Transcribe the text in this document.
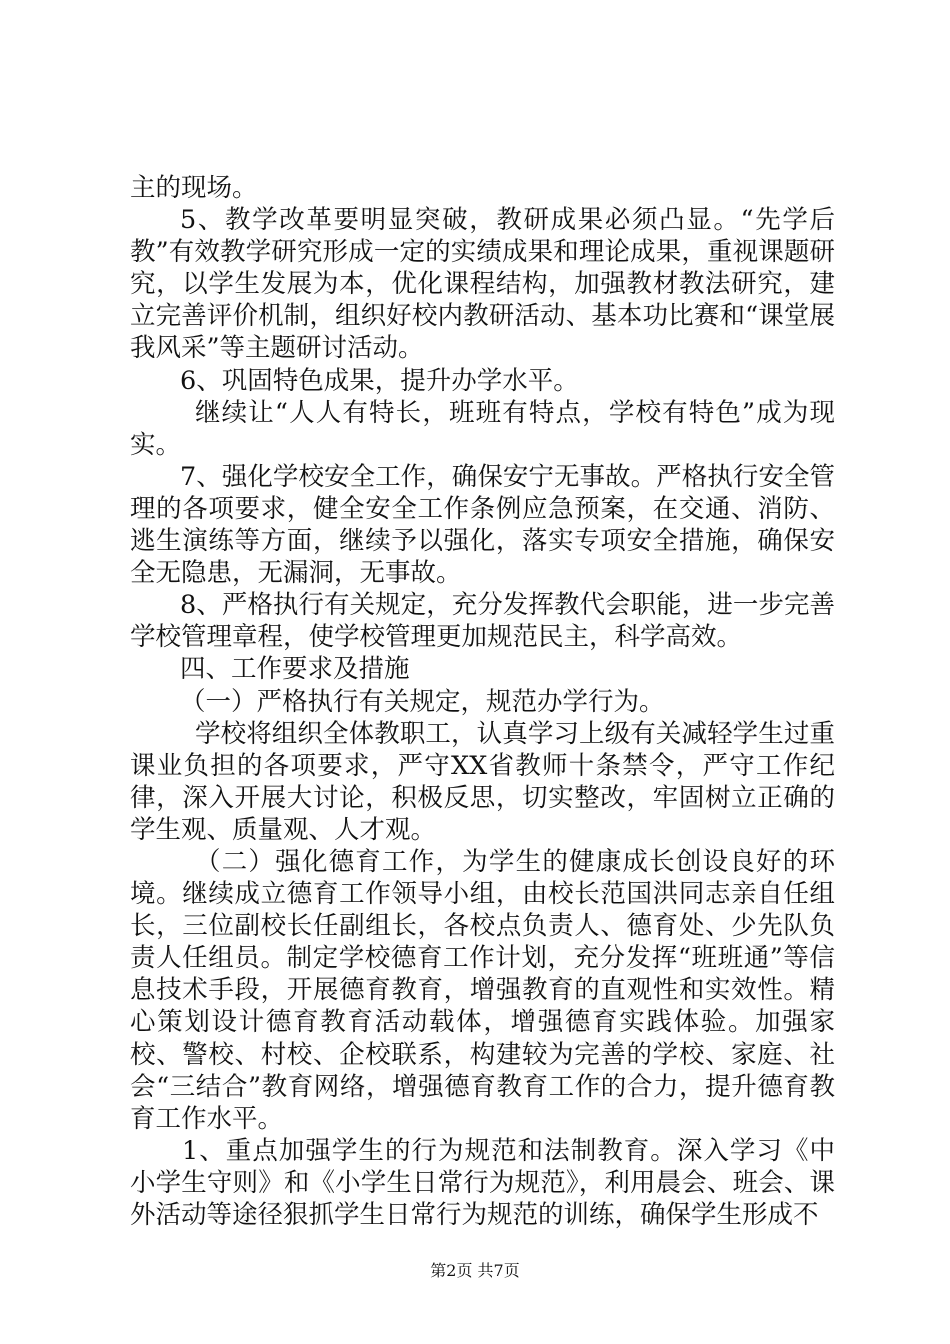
主的现场。

5、教学改革要明显突破，教研成果必须凸显。“先学后教”有效教学研究形成一定的实绩成果和理论成果，重视课题研究，以学生发展为本，优化课程结构，加强教材教法研究，建立完善评价机制，组织好校内教研活动、基本功比赛和“课堂展我风采”等主题研讨活动。

6、巩固特色成果，提升办学水平。

继续让“人人有特长，班班有特点，学校有特色”成为现实。

7、强化学校安全工作，确保安宁无事故。严格执行安全管理的各项要求，健全安全工作条例应急预案，在交通、消防、逃生演练等方面，继续予以强化，落实专项安全措施，确保安全无隐患，无漏洞，无事故。

8、严格执行有关规定，充分发挥教代会职能，进一步完善学校管理章程，使学校管理更加规范民主，科学高效。

四、工作要求及措施

（一）严格执行有关规定，规范办学行为。

学校将组织全体教职工，认真学习上级有关减轻学生过重课业负担的各项要求，严守XX省教师十条禁令，严守工作纪律，深入开展大讨论，积极反思，切实整改，牢固树立正确的学生观、质量观、人才观。

（二）强化德育工作，为学生的健康成长创设良好的环境。继续成立德育工作领导小组，由校长范国洪同志亲自任组长，三位副校长任副组长，各校点负责人、德育处、少先队负责人任组员。制定学校德育工作计划，充分发挥“班班通”等信息技术手段，开展德育教育，增强教育的直观性和实效性。精心策划设计德育教育活动载体，增强德育实践体验。加强家校、警校、村校、企校联系，构建较为完善的学校、家庭、社会“三结合”教育网络，增强德育教育工作的合力，提升德育教育工作水平。

1、重点加强学生的行为规范和法制教育。深入学习《中小学生守则》和《小学生日常行为规范》，利用晨会、班会、课外活动等途径狠抓学生日常行为规范的训练，确保学生形成不

第2页 共7页
